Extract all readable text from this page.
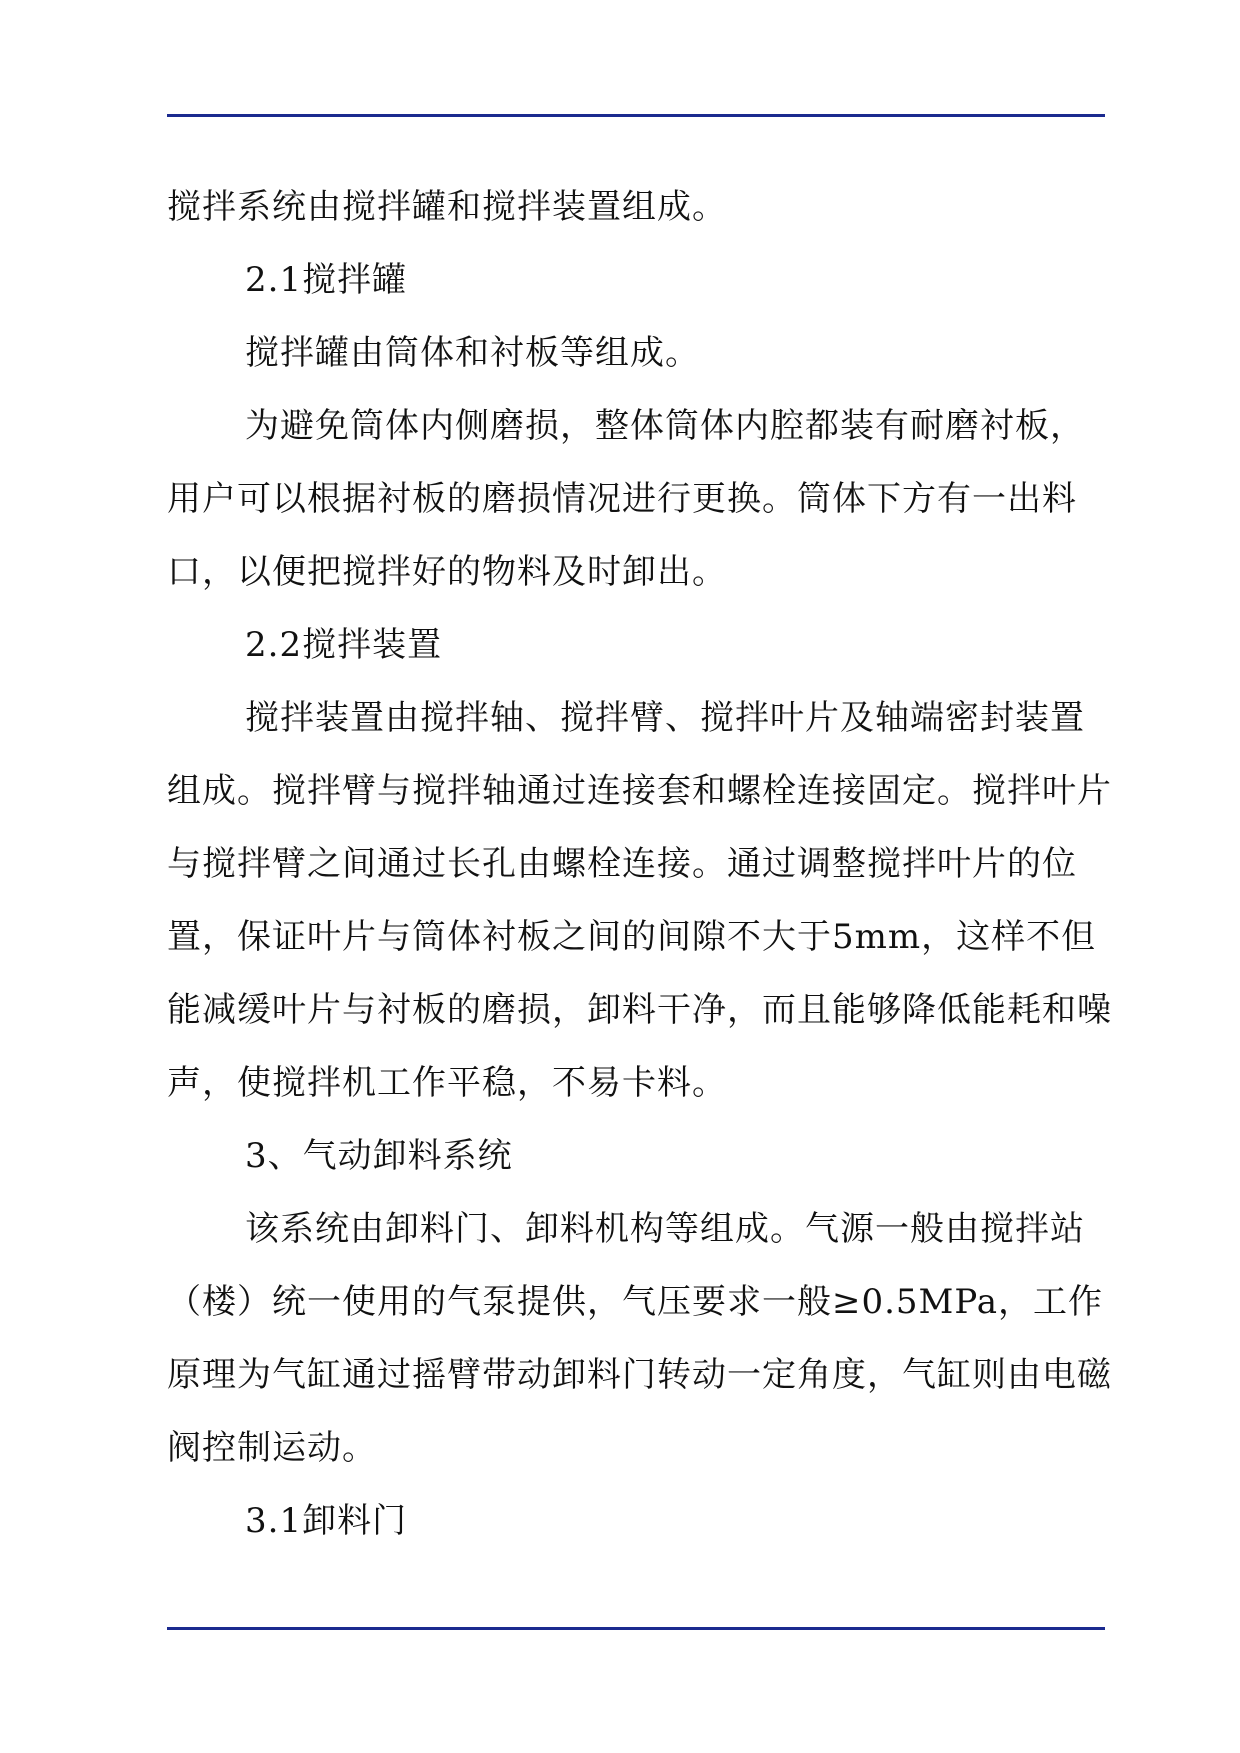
搅拌系统由搅拌罐和搅拌装置组成。

2.1搅拌罐

搅拌罐由筒体和衬板等组成。

为避免筒体内侧磨损，整体筒体内腔都装有耐磨衬板，用户可以根据衬板的磨损情况进行更换。筒体下方有一出料口，以便把搅拌好的物料及时卸出。

2.2搅拌装置

搅拌装置由搅拌轴、搅拌臂、搅拌叶片及轴端密封装置组成。搅拌臂与搅拌轴通过连接套和螺栓连接固定。搅拌叶片与搅拌臂之间通过长孔由螺栓连接。通过调整搅拌叶片的位置，保证叶片与筒体衬板之间的间隙不大于5mm，这样不但能减缓叶片与衬板的磨损，卸料干净，而且能够降低能耗和噪声，使搅拌机工作平稳，不易卡料。

3、气动卸料系统

该系统由卸料门、卸料机构等组成。气源一般由搅拌站（楼）统一使用的气泵提供，气压要求一般≥0.5MPa，工作原理为气缸通过摇臂带动卸料门转动一定角度，气缸则由电磁阀控制运动。

3.1卸料门
